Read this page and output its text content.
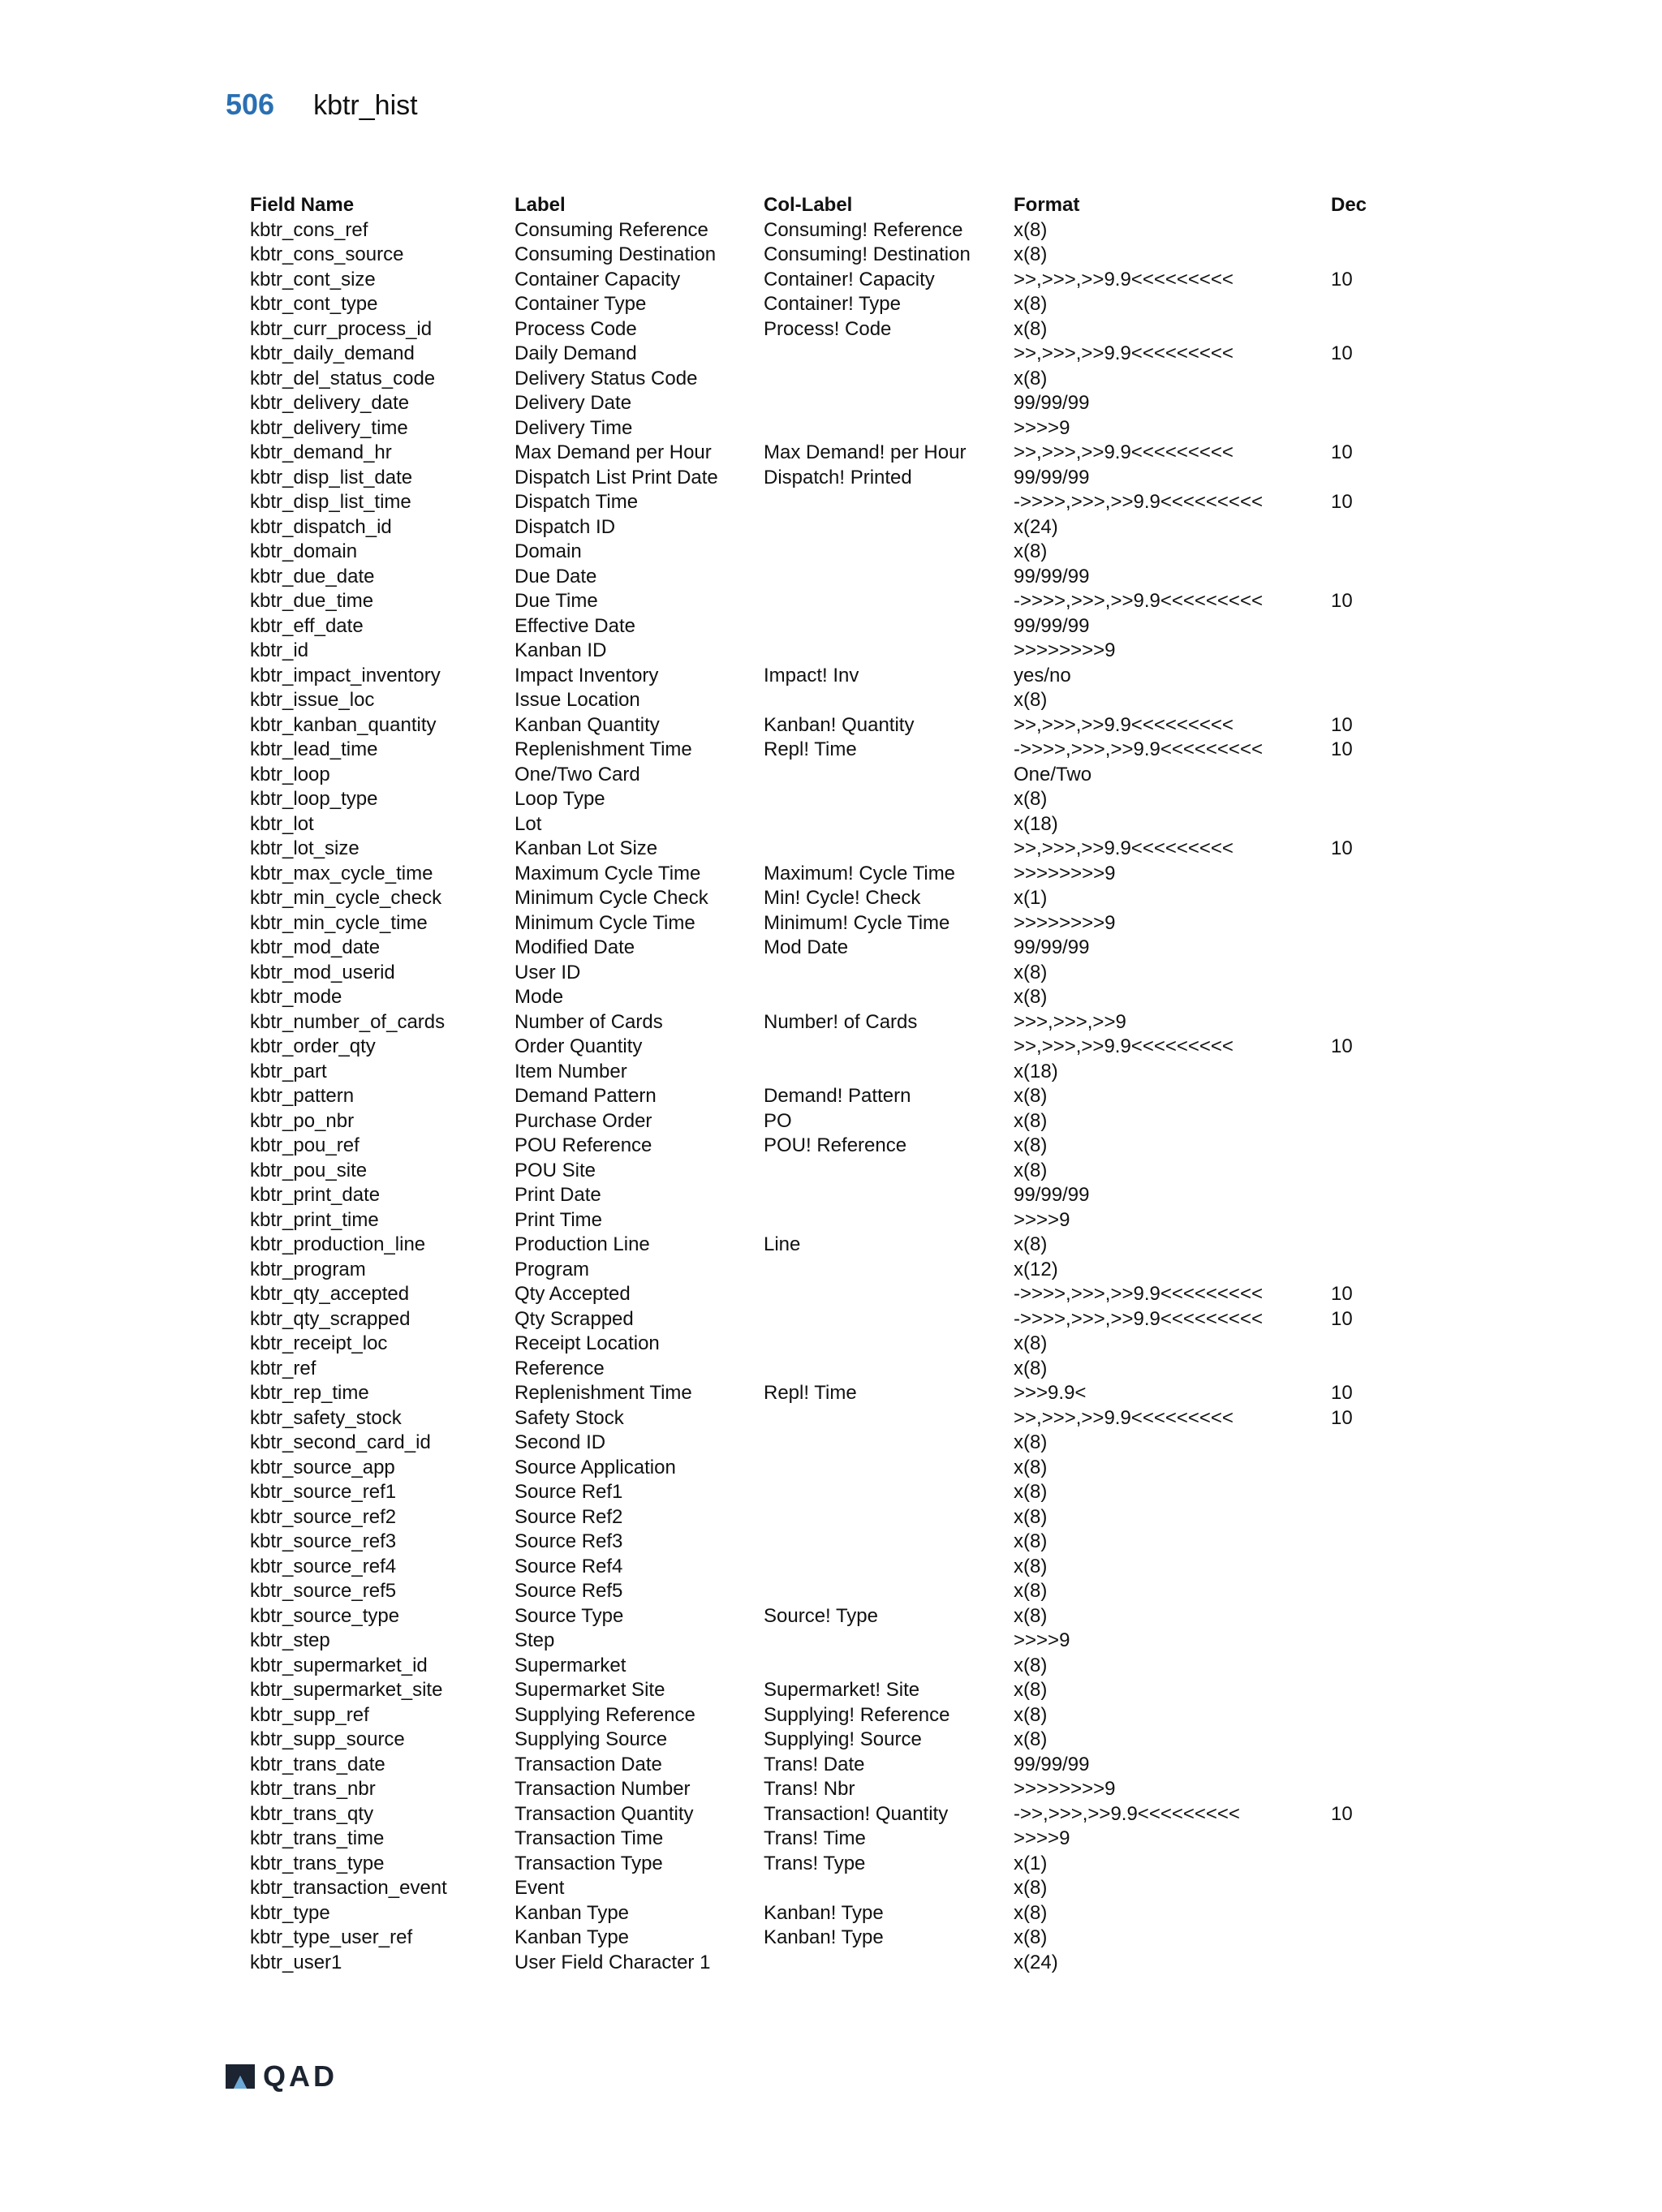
506 kbtr_hist
Field Name	Label	Col-Label	Format	Dec
kbtr_cons_ref	Consuming Reference	Consuming! Reference	x(8)	
kbtr_cons_source	Consuming Destination	Consuming! Destination	x(8)	
kbtr_cont_size	Container Capacity	Container! Capacity	>>,>>>,>>9.9<<<<<<<<<	10
kbtr_cont_type	Container Type	Container! Type	x(8)	
kbtr_curr_process_id	Process Code	Process! Code	x(8)	
kbtr_daily_demand	Daily Demand		>>,>>>,>>9.9<<<<<<<<<	10
kbtr_del_status_code	Delivery Status Code		x(8)	
kbtr_delivery_date	Delivery Date		99/99/99	
kbtr_delivery_time	Delivery Time		>>>>9	
kbtr_demand_hr	Max Demand per Hour	Max Demand! per Hour	>>,>>>,>>9.9<<<<<<<<<	10
kbtr_disp_list_date	Dispatch List Print Date	Dispatch! Printed	99/99/99	
kbtr_disp_list_time	Dispatch Time		->>>>,>>>,>>9.9<<<<<<<<<	10
kbtr_dispatch_id	Dispatch ID		x(24)	
kbtr_domain	Domain		x(8)	
kbtr_due_date	Due Date		99/99/99	
kbtr_due_time	Due Time		->>>>,>>>,>>9.9<<<<<<<<<	10
kbtr_eff_date	Effective Date		99/99/99	
kbtr_id	Kanban ID		>>>>>>>>9	
kbtr_impact_inventory	Impact Inventory	Impact! Inv	yes/no	
kbtr_issue_loc	Issue Location		x(8)	
kbtr_kanban_quantity	Kanban Quantity	Kanban! Quantity	>>,>>>,>>9.9<<<<<<<<<	10
kbtr_lead_time	Replenishment Time	Repl! Time	->>>>,>>>,>>9.9<<<<<<<<<	10
kbtr_loop	One/Two Card		One/Two	
kbtr_loop_type	Loop Type		x(8)	
kbtr_lot	Lot		x(18)	
kbtr_lot_size	Kanban Lot Size		>>,>>>,>>9.9<<<<<<<<<	10
kbtr_max_cycle_time	Maximum Cycle Time	Maximum! Cycle Time	>>>>>>>>9	
kbtr_min_cycle_check	Minimum Cycle Check	Min! Cycle! Check	x(1)	
kbtr_min_cycle_time	Minimum Cycle Time	Minimum! Cycle Time	>>>>>>>>9	
kbtr_mod_date	Modified Date	Mod Date	99/99/99	
kbtr_mod_userid	User ID		x(8)	
kbtr_mode	Mode		x(8)	
kbtr_number_of_cards	Number of Cards	Number! of Cards	>>>,>>>,>>9	
kbtr_order_qty	Order Quantity		>>,>>>,>>9.9<<<<<<<<<	10
kbtr_part	Item Number		x(18)	
kbtr_pattern	Demand Pattern	Demand! Pattern	x(8)	
kbtr_po_nbr	Purchase Order	PO	x(8)	
kbtr_pou_ref	POU Reference	POU! Reference	x(8)	
kbtr_pou_site	POU Site		x(8)	
kbtr_print_date	Print Date		99/99/99	
kbtr_print_time	Print Time		>>>>9	
kbtr_production_line	Production Line	Line	x(8)	
kbtr_program	Program		x(12)	
kbtr_qty_accepted	Qty Accepted		->>>>,>>>,>>9.9<<<<<<<<<	10
kbtr_qty_scrapped	Qty Scrapped		->>>>,>>>,>>9.9<<<<<<<<<	10
kbtr_receipt_loc	Receipt Location		x(8)	
kbtr_ref	Reference		x(8)	
kbtr_rep_time	Replenishment Time	Repl! Time	>>>9.9<	10
kbtr_safety_stock	Safety Stock		>>,>>>,>>9.9<<<<<<<<<	10
kbtr_second_card_id	Second ID		x(8)	
kbtr_source_app	Source Application		x(8)	
kbtr_source_ref1	Source Ref1		x(8)	
kbtr_source_ref2	Source Ref2		x(8)	
kbtr_source_ref3	Source Ref3		x(8)	
kbtr_source_ref4	Source Ref4		x(8)	
kbtr_source_ref5	Source Ref5		x(8)	
kbtr_source_type	Source Type	Source! Type	x(8)	
kbtr_step	Step		>>>>9	
kbtr_supermarket_id	Supermarket		x(8)	
kbtr_supermarket_site	Supermarket Site	Supermarket! Site	x(8)	
kbtr_supp_ref	Supplying Reference	Supplying! Reference	x(8)	
kbtr_supp_source	Supplying Source	Supplying! Source	x(8)	
kbtr_trans_date	Transaction Date	Trans! Date	99/99/99	
kbtr_trans_nbr	Transaction Number	Trans! Nbr	>>>>>>>>9	
kbtr_trans_qty	Transaction Quantity	Transaction! Quantity	->>,>>>,>>9.9<<<<<<<<<	10
kbtr_trans_time	Transaction Time	Trans! Time	>>>>9	
kbtr_trans_type	Transaction Type	Trans! Type	x(1)	
kbtr_transaction_event	Event		x(8)	
kbtr_type	Kanban Type	Kanban! Type	x(8)	
kbtr_type_user_ref	Kanban Type	Kanban! Type	x(8)	
kbtr_user1	User Field Character 1		x(24)	
QAD
